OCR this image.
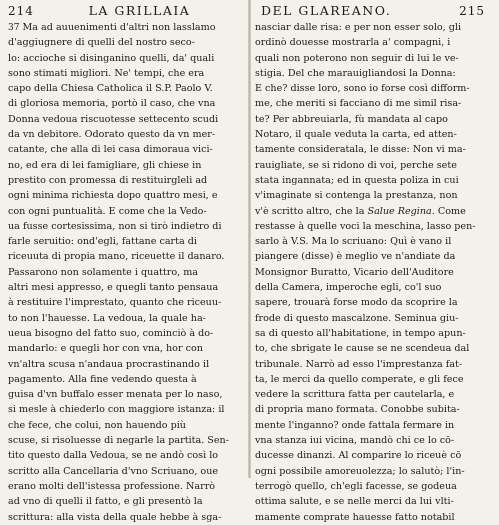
214	LA GRILLAIA
37 Ma ad auuenimenti d'altri non lasslamo
d'aggiugnere di quelli del nostro seco-
lo: accioche si disinganino quelli, da' quali
sono stimati migliori. Ne' tempi, che era
capo della Chiesa Catholica il S.P. Paolo V.
di gloriosa memoria, portò il caso, che vna
Donna vedoua riscuotesse settecento scudi
da vn debitore. Odorato questo da vn mer-
catante, che alla di lei casa dimoraua vici-
no, ed era di lei famigliare, gli chiese in
prestito con promessa di restituirgleli ad
ogni minima richiesta dopo quattro mesi, e
con ogni puntualità. E come che la Vedo-
ua fusse cortesissima, non si tirò indietro di
farle seruitio: ond'egli, fattane carta di
riceuuta di propia mano, riceuette il danaro.
Passarono non solamente i quattro, ma
altri mesi appresso, e quegli tanto pensaua
à restituire l'imprestato, quanto che riceuu-
to non l'hauesse. La vedoua, la quale ha-
ueua bisogno del fatto suo, cominciò à do-
mandarlo: e quegli hor con vna, hor con
vn'altra scusa n'andaua procrastinando il
pagamento. Alla fine vedendo questa à
guisa d'vn buffalo esser menata per lo naso,
si mesle à chiederlo con maggiore istanza: il
che fece, che colui, non hauendo più
scuse, si risoluesse di negarle la partita. Sen-
tito questo dalla Vedoua, se ne andò così lo
scritto alla Cancellaria d'vno Scriuano, oue
erano molti dell'istessa professione. Narrò
ad vno di quelli il fatto, e gli presentò la
scrittura: alla vista della quale hebbe à sga-
DEL GLAREANO.	215
nasciar dalle risa: e per non esser solo, gli
ordinò douesse mostrarla a' compagni, i
quali non poterono non seguir di lui le ve-
stigia. Del che marauigliandosi la Donna:
E che? disse loro, sono io forse così difform-
me, che meriti si facciano di me simil risa-
te? Per abbreuiarla, fù mandata al capo
Notaro, il quale veduta la carta, ed atten-
tamente consideratala, le disse: Non vi ma-
rauigliate, se si ridono di voi, perche sete
stata ingannata; ed in questa poliza in cui
v'imaginate si contenga la prestanza, non
v'è scritto altro, che la Salue Regina. Come
restasse à quelle voci la meschina, lasso pen-
sarlo à V.S. Ma lo scriuano: Quì è vano il
piangere (disse) è meglio ve n'andiate da
Monsignor Buratto, Vicario dell'Auditore
della Camera, imperoche egli, co'l suo
sapere, trouarà forse modo da scoprire la
frode di questo mascalzone. Seminua giu-
sa di questo all'habitatione, in tempo apun-
to, che sbrigate le cause se ne scendeua dal
tribunale. Narrò ad esso l'imprestanza fat-
ta, le merci da quello comperate, e gli fece
vedere la scrittura fatta per cautelarla, e
di propria mano formata. Conobbe subita-
mente l'inganno? onde fattala fermare in
vna stanza iui vicina, mandò chi ce lo cō-
ducesse dinanzi. Al comparire lo riceuè cō
ogni possibile amoreuolezza; lo salutò; l'in-
terrogò quello, ch'egli facesse, se godeua
ottima salute, e se nelle merci da lui vlti-
mamente comprate hauesse fatto notabil
